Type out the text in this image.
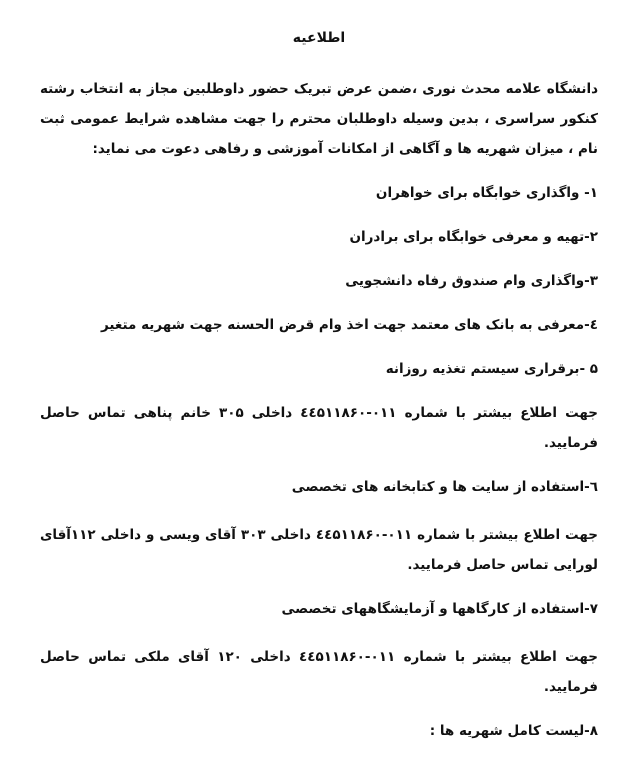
اطلاعیه

دانشگاه علامه محدث نوری ،ضمن عرض تبریک حضور داوطلبین مجاز به انتخاب رشته کنکور سراسری ، بدین وسیله داوطلبان محترم را جهت مشاهده شرایط عمومی ثبت نام ، میزان شهریه ها و آگاهی از امکانات آموزشی و رفاهی دعوت می نماید:

۱- واگذاری خوابگاه برای خواهران

۲-تهیه و معرفی خوابگاه برای برادران

۳-واگذاری وام صندوق رفاه دانشجویی

٤-معرفی به بانک های معتمد جهت اخذ وام قرض الحسنه جهت شهریه متغیر

۵ -برقراری سیستم تغذیه روزانه

جهت اطلاع بیشتر با شماره ۰۱۱-٤٤۵۱۱۸۶۰ داخلی ۳۰۵ خانم پناهی تماس حاصل فرمایید.

٦-استفاده از سایت ها و کتابخانه های تخصصی

جهت اطلاع بیشتر با شماره ۰۱۱-٤٤۵۱۱۸۶۰ داخلی ۳۰۳ آقای ویسی و داخلی ۱۱۲آقای لورایی تماس حاصل فرمایید.

۷-استفاده از کارگاهها و آزمایشگاههای تخصصی

جهت اطلاع بیشتر با شماره ۰۱۱-٤٤۵۱۱۸۶۰ داخلی ۱۲۰ آقای ملکی تماس حاصل فرمایید.

۸-لیست کامل شهریه ها :
